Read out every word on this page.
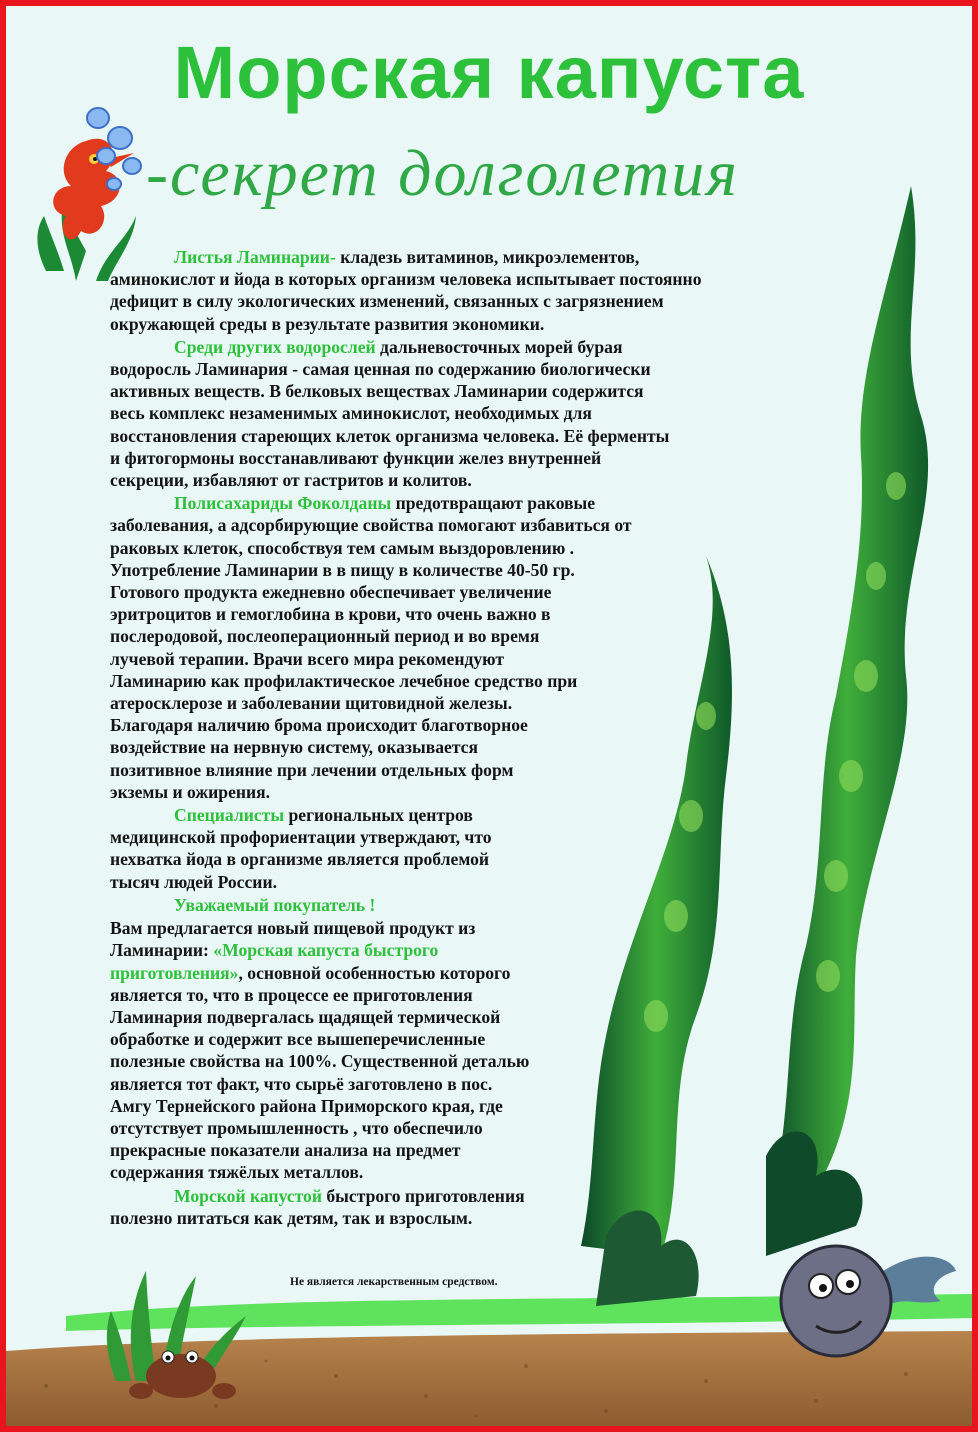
Морская капуста
-секрет долголетия

Листья Ламинарии- кладезь витаминов, микроэлементов,
аминокислот и йода в которых организм человека испытывает постоянно
дефицит в силу экологических изменений, связанных с загрязнением
окружающей среды в результате развития экономики.

Среди других водорослей дальневосточных морей бурая
водоросль Ламинария - самая ценная по содержанию биологически
активных веществ. В белковых веществах Ламинарии содержится
весь комплекс незаменимых аминокислот, необходимых для
восстановления стареющих клеток организма человека. Её ферменты
и фитогормоны восстанавливают функции желез внутренней
секреции, избавляют от гастритов и колитов.

Полисахариды Фоколданы предотвращают раковые
заболевания, а адсорбирующие свойства помогают избавиться от
раковых клеток, способствуя тем самым выздоровлению .
Употребление Ламинарии в в пищу в количестве 40-50 гр.
Готового продукта ежедневно обеспечивает увеличение
эритроцитов и гемоглобина в крови, что очень важно в
послеродовой, послеоперационный период и во время
лучевой терапии. Врачи всего мира рекомендуют
Ламинарию как профилактическое лечебное средство при
атеросклерозе и заболевании щитовидной железы.
Благодаря наличию брома происходит благотворное
воздействие на нервную систему, оказывается
позитивное влияние при лечении отдельных форм
экземы и ожирения.

Специалисты региональных центров
медицинской профориентации утверждают, что
нехватка йода в организме является проблемой
тысяч людей России.

Уважаемый покупатель !

Вам предлагается новый пищевой продукт из
Ламинарии: «Морская капуста быстрого
приготовления», основной особенностью которого
является то, что в процессе ее приготовления
Ламинария подвергалась щадящей термической
обработке и содержит все вышеперечисленные
полезные свойства на 100%. Существенной деталью
является тот факт, что сырьё заготовлено в пос.
Амгу Тернейского района Приморского края, где
отсутствует промышленность , что обеспечило
прекрасные показатели анализа на предмет
содержания тяжёлых металлов.

Морской капустой быстрого приготовления
полезно питаться как детям, так и взрослым.

Не является лекарственным средством.
